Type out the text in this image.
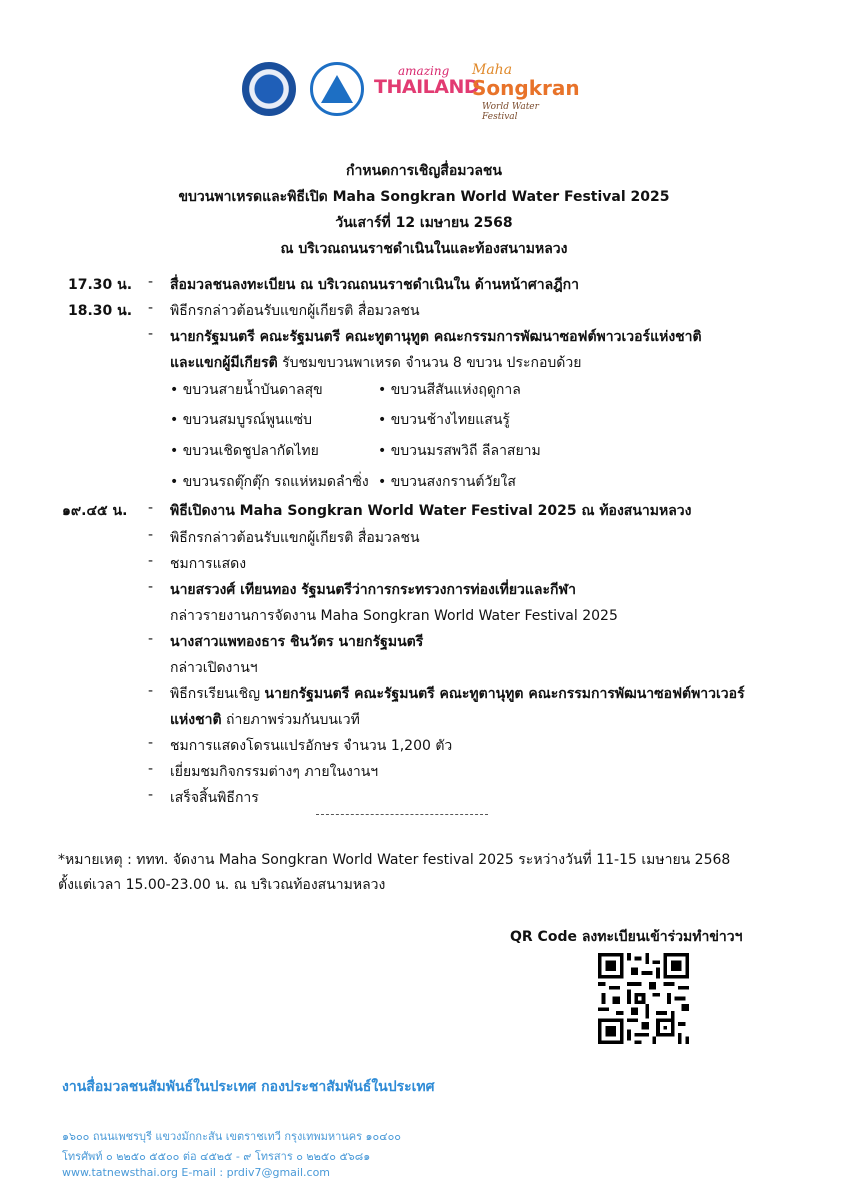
amazing
THAILAND
Maha
Songkran
World Water Festival
กำหนดการเชิญสื่อมวลชน
ขบวนพาเหรดและพิธีเปิด Maha Songkran World Water Festival 2025
วันเสาร์ที่ 12 เมษายน 2568
ณ บริเวณถนนราชดำเนินในและท้องสนามหลวง
17.30 น. - สื่อมวลชนลงทะเบียน ณ บริเวณถนนราชดำเนินใน ด้านหน้าศาลฎีกา
18.30 น. - พิธีกรกล่าวต้อนรับแขกผู้เกียรติ สื่อมวลชน
- นายกรัฐมนตรี คณะรัฐมนตรี คณะทูตานุทูต คณะกรรมการพัฒนาซอฟต์พาวเวอร์แห่งชาติ
และแขกผู้มีเกียรติ รับชมขบวนพาเหรด จำนวน 8 ขบวน ประกอบด้วย
• ขบวนสายน้ำบันดาลสุข	• ขบวนสีสันแห่งฤดูกาล
• ขบวนสมบูรณ์พูนแซ่บ	• ขบวนช้างไทยแสนรู้
• ขบวนเชิดชูปลากัดไทย	• ขบวนมรสพวิถี ลีลาสยาม
• ขบวนรถตุ๊กตุ๊ก รถแห่หมดลำซิ่ง • ขบวนสงกรานต์วัยใส
๑๙.๔๕ น. - พิธีเปิดงาน Maha Songkran World Water Festival 2025 ณ ท้องสนามหลวง
- พิธีกรกล่าวต้อนรับแขกผู้เกียรติ สื่อมวลชน
- ชมการแสดง
- นายสรวงศ์ เทียนทอง รัฐมนตรีว่าการกระทรวงการท่องเที่ยวและกีฬา
กล่าวรายงานการจัดงาน Maha Songkran World Water Festival 2025
- นางสาวแพทองธาร ชินวัตร นายกรัฐมนตรี
กล่าวเปิดงานฯ
- พิธีกรเรียนเชิญ นายกรัฐมนตรี คณะรัฐมนตรี คณะทูตานุทูต คณะกรรมการพัฒนาซอฟต์พาวเวอร์
แห่งชาติ ถ่ายภาพร่วมกันบนเวที
- ชมการแสดงโดรนแปรอักษร จำนวน 1,200 ตัว
- เยี่ยมชมกิจกรรมต่างๆ ภายในงานฯ
- เสร็จสิ้นพิธีการ
*หมายเหตุ : ททท. จัดงาน Maha Songkran World Water festival 2025 ระหว่างวันที่ 11-15 เมษายน 2568
ตั้งแต่เวลา 15.00-23.00 น. ณ บริเวณท้องสนามหลวง
QR Code ลงทะเบียนเข้าร่วมทำข่าวฯ
งานสื่อมวลชนสัมพันธ์ในประเทศ กองประชาสัมพันธ์ในประเทศ
๑๖๐๐ ถนนเพชรบุรี แขวงมักกะสัน เขตราชเทวี กรุงเทพมหานคร ๑๐๔๐๐
โทรศัพท์ ๐ ๒๒๕๐ ๕๕๐๐ ต่อ ๔๕๒๕ - ๙ โทรสาร ๐ ๒๒๕๐ ๕๖๘๑
www.tatnewsthai.org E-mail : prdiv7@gmail.com
